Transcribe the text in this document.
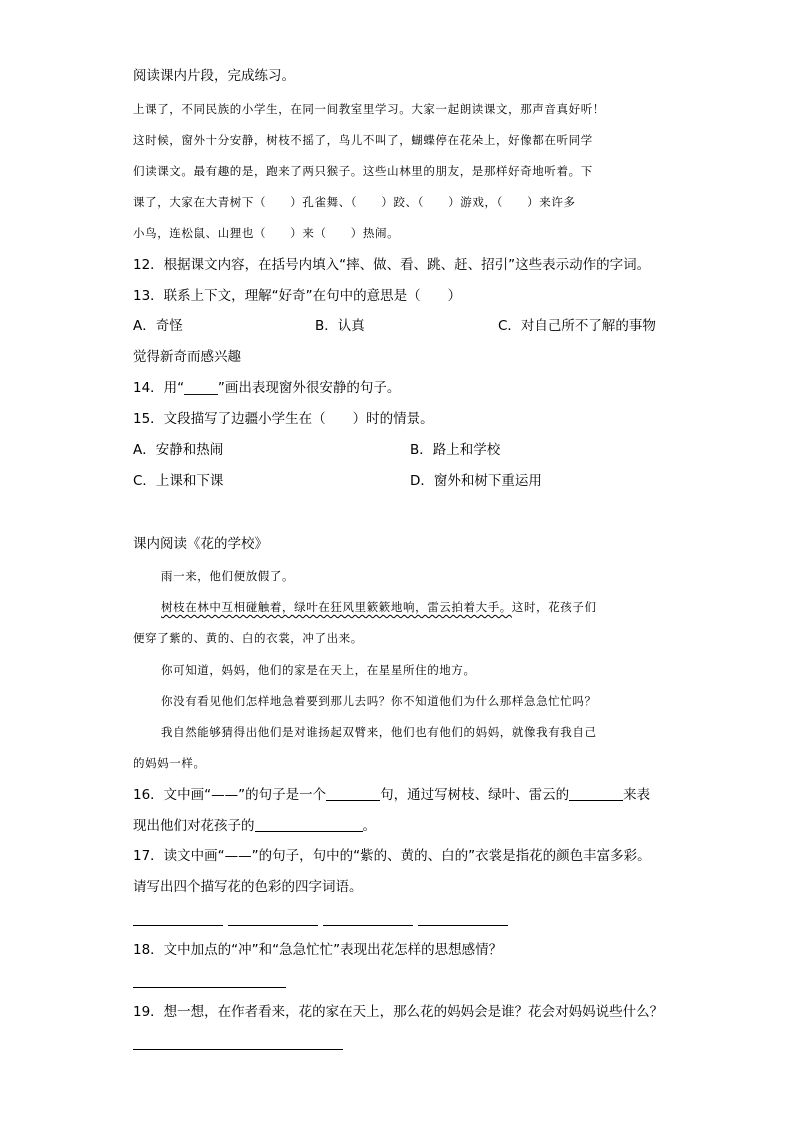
阅读课内片段，完成练习。
上课了，不同民族的小学生，在同一间教室里学习。大家一起朗读课文，那声音真好听！
这时候，窗外十分安静，树枝不摇了，鸟儿不叫了，蝴蝶停在花朵上，好像都在听同学
们读课文。最有趣的是，跑来了两只猴子。这些山林里的朋友，是那样好奇地听着。下
课了，大家在大青树下（　　）孔雀舞、（　　）跤、（　　）游戏，（　　）来许多
小鸟，连松鼠、山狸也（　　）来（　　）热闹。
12．根据课文内容，在括号内填入“摔、做、看、跳、赶、招引”这些表示动作的字词。
13．联系上下文，理解“好奇”在句中的意思是（　　）
A．奇怪	B．认真	C．对自己所不了解的事物
觉得新奇而感兴趣
14．用“_____”画出表现窗外很安静的句子。
15．文段描写了边疆小学生在（　　）时的情景。
A．安静和热闹	B．路上和学校
C．上课和下课	D．窗外和树下重运用
课内阅读《花的学校》
雨一来，他们便放假了。
树枝在林中互相碰触着，绿叶在狂风里簌簌地响，雷云拍着大手。这时，花孩子们
便穿了紫的、黄的、白的衣裳，冲了出来。
你可知道，妈妈，他们的家是在天上，在星星所住的地方。
你没有看见他们怎样地急着要到那儿去吗？你不知道他们为什么那样急急忙忙吗？
我自然能够猜得出他们是对谁扬起双臂来，他们也有他们的妈妈，就像我有我自己
的妈妈一样。
16．文中画“——”的句子是一个	句，通过写树枝、绿叶、雷云的	来表
现出他们对花孩子的	。
17．读文中画“——”的句子，句中的“紫的、黄的、白的”衣裳是指花的颜色丰富多彩。
请写出四个描写花的色彩的四字词语。
18．文中加点的“冲”和“急急忙忙”表现出花怎样的思想感情？
19．想一想，在作者看来，花的家在天上，那么花的妈妈会是谁？花会对妈妈说些什么？
